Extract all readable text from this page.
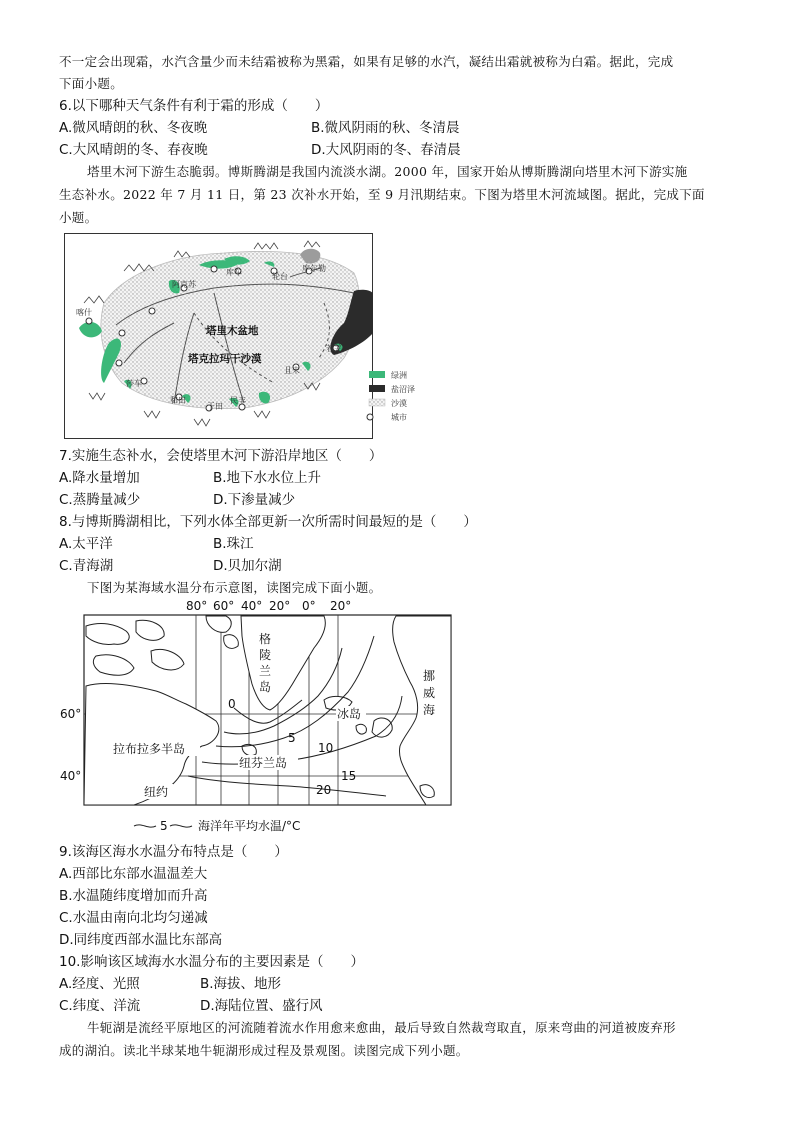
不一定会出现霜，水汽含量少而未结霜被称为黑霜，如果有足够的水汽，凝结出霜就被称为白霜。据此，完成
下面小题。
6.以下哪种天气条件有利于霜的形成（　　）
A.微风晴朗的秋、冬夜晚	B.微风阴雨的秋、冬清晨
C.大风晴朗的冬、春夜晚	D.大风阴雨的冬、春清晨
塔里木河下游生态脆弱。博斯腾湖是我国内流淡水湖。2000 年，国家开始从博斯腾湖向塔里木河下游实施
生态补水。2022 年 7 月 11 日，第 23 次补水开始，至 9 月汛期结束。下图为塔里木河流域图。据此，完成下面
小题。
喀什
阿克苏
库车	轮台
库尔勒
若羌
且末
莎车
和田
于田
民丰
塔里木盆地
塔克拉玛干沙漠
绿洲
盐沼泽
沙漠
城市
7.实施生态补水，会使塔里木河下游沿岸地区（　　）
A.降水量增加	B.地下水水位上升
C.蒸腾量减少	D.下渗量减少
8.与博斯腾湖相比，下列水体全部更新一次所需时间最短的是（　　）
A.太平洋	B.珠江
C.青海湖	D.贝加尔湖
下图为某海域水温分布示意图，读图完成下面小题。
80° 60° 40° 20° 0° 20°
60°
40°
0
5
10
15
20
格
陵
兰
岛
挪
威
海
冰岛
拉布拉多半岛
纽芬兰岛
纽约
5	海洋年平均水温/°C
9.该海区海水水温分布特点是（　　）
A.西部比东部水温温差大
B.水温随纬度增加而升高
C.水温由南向北均匀递减
D.同纬度西部水温比东部高
10.影响该区域海水水温分布的主要因素是（　　）
A.经度、光照	B.海拔、地形
C.纬度、洋流	D.海陆位置、盛行风
牛轭湖是流经平原地区的河流随着流水作用愈来愈曲，最后导致自然裁弯取直，原来弯曲的河道被废弃形
成的湖泊。读北半球某地牛轭湖形成过程及景观图。读图完成下列小题。
